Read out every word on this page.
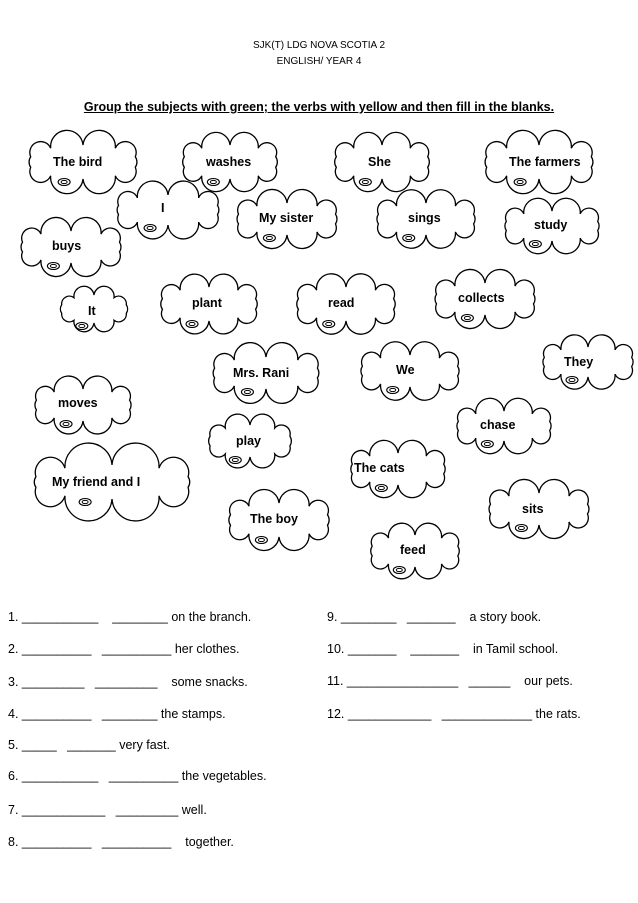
SJK(T) LDG NOVA SCOTIA 2
ENGLISH/ YEAR 4
Group the subjects with green; the verbs with yellow and then fill in the blanks.
The bird	washes	She	The farmers
I
My sister	sings	study
buys
It
plant	read	collects
Mrs. Rani	We
They
moves
chase
play
The cats
My friend and I
sits
The boy
feed
1. ___________    ________ on the branch.
2. __________   __________ her clothes.
3. _________   _________    some snacks.
4. __________   ________ the stamps.
5. _____   _______ very fast.
6. ___________   __________ the vegetables.
7. ____________   _________ well.
8. __________   __________    together.
9. ________   _______    a story book.
10. _______    _______    in Tamil school.
11. ________________   ______    our pets.
12. ____________   _____________ the rats.
